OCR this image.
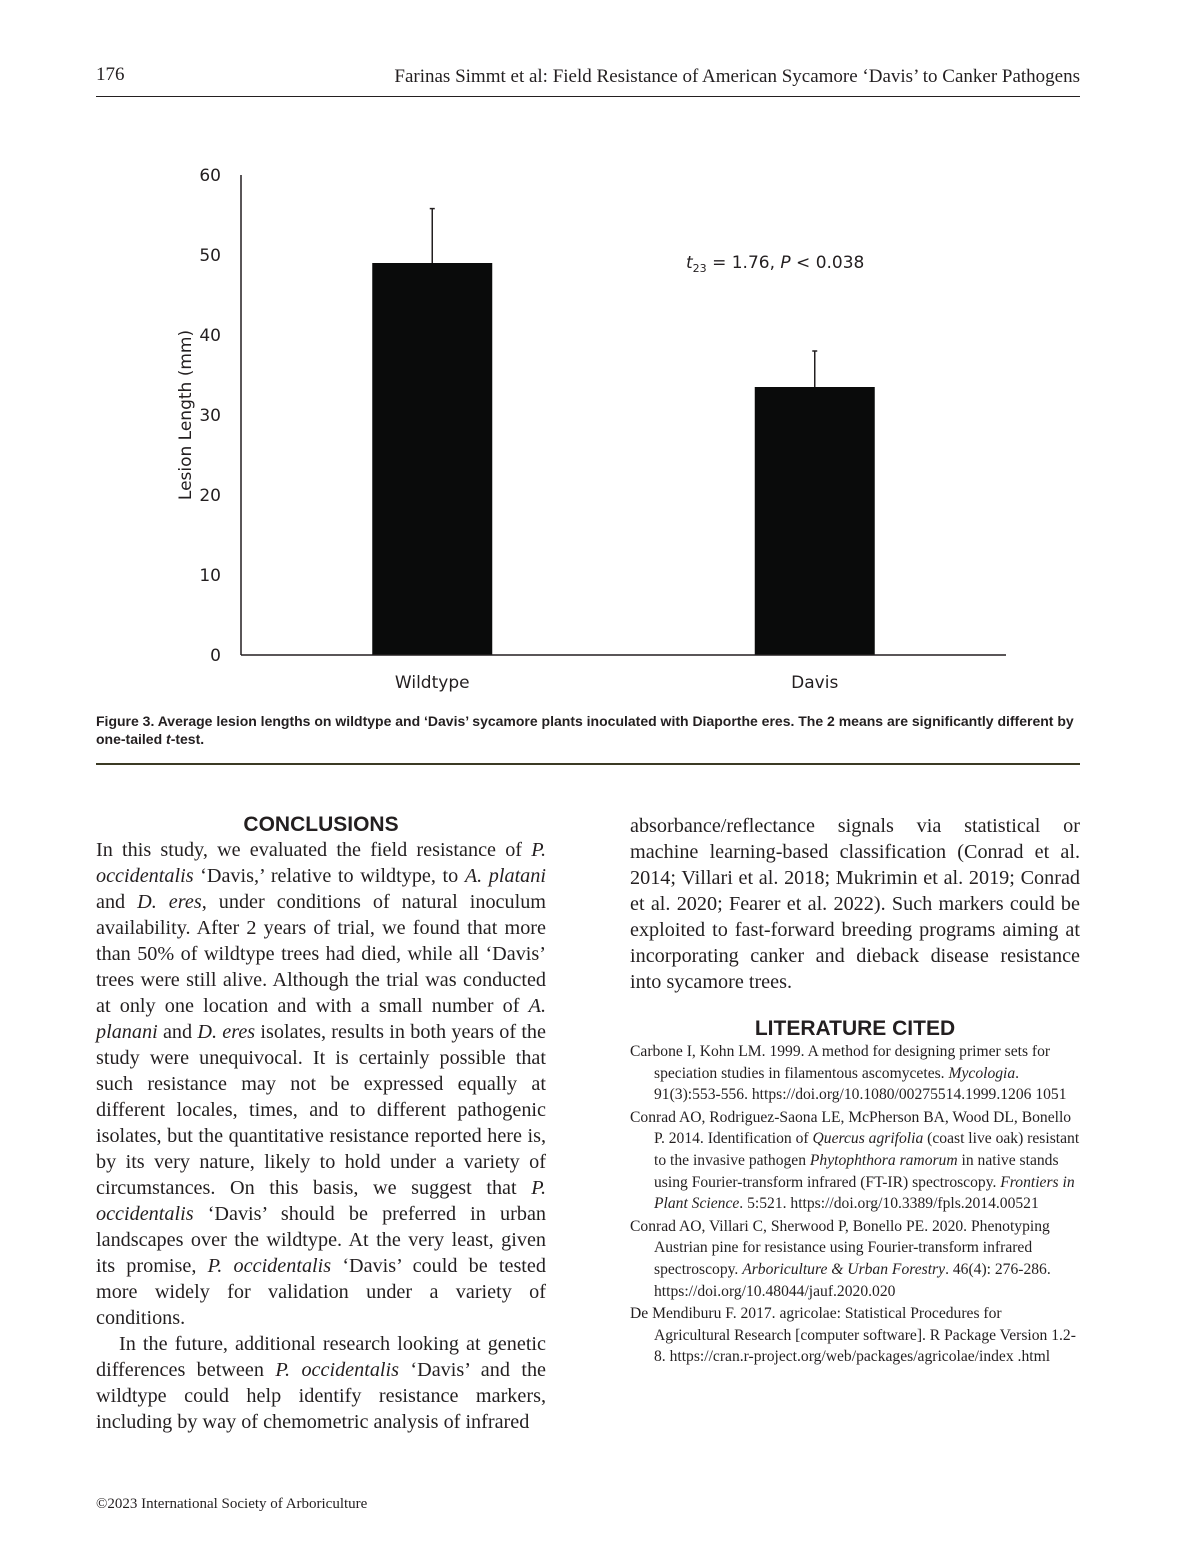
176	Farinas Simmt et al: Field Resistance of American Sycamore ‘Davis’ to Canker Pathogens
0
10
20
30
40
50
60
Wildtype	Davis
Lesion Length (mm)
$t_{23} = 1.76$, P < 0.038
Figure 3. Average lesion lengths on wildtype and ‘Davis’ sycamore plants inoculated with Diaporthe eres. The 2 means are significantly different by one-tailed t-test.
CONCLUSIONS

In this study, we evaluated the field resistance of P. occidentalis ‘Davis,’ relative to wildtype, to A. platani and D. eres, under conditions of natural inoculum availability. After 2 years of trial, we found that more than 50% of wildtype trees had died, while all ‘Davis’ trees were still alive. Although the trial was conducted at only one location and with a small number of A. planani and D. eres isolates, results in both years of the study were unequivocal. It is certainly possible that such resistance may not be expressed equally at different locales, times, and to different pathogenic isolates, but the quantitative resistance reported here is, by its very nature, likely to hold under a variety of circumstances. On this basis, we suggest that P. occidentalis ‘Davis’ should be preferred in urban landscapes over the wildtype. At the very least, given its promise, P. occidentalis ‘Davis’ could be tested more widely for validation under a variety of conditions.

In the future, additional research looking at genetic differences between P. occidentalis ‘Davis’ and the wildtype could help identify resistance markers, including by way of chemometric analysis of infrared

absorbance/reflectance signals via statistical or machine learning-based classification (Conrad et al. 2014; Villari et al. 2018; Mukrimin et al. 2019; Conrad et al. 2020; Fearer et al. 2022). Such markers could be exploited to fast-forward breeding programs aiming at incorporating canker and dieback disease resistance into sycamore trees.

LITERATURE CITED

Carbone I, Kohn LM. 1999. A method for designing primer sets for speciation studies in filamentous ascomycetes. Mycologia. 91(3):553-556. https://doi.org/10.1080/00275514.1999.1206 1051

Conrad AO, Rodriguez-Saona LE, McPherson BA, Wood DL, Bonello P. 2014. Identification of Quercus agrifolia (coast live oak) resistant to the invasive pathogen Phytophthora ramorum in native stands using Fourier-transform infrared (FT-IR) spectroscopy. Frontiers in Plant Science. 5:521. https://doi.org/10.3389/fpls.2014.00521

Conrad AO, Villari C, Sherwood P, Bonello PE. 2020. Phenotyping Austrian pine for resistance using Fourier-transform infrared spectroscopy. Arboriculture & Urban Forestry. 46(4): 276-286. https://doi.org/10.48044/jauf.2020.020

De Mendiburu F. 2017. agricolae: Statistical Procedures for Agricultural Research [computer software]. R Package Version 1.2-8. https://cran.r-project.org/web/packages/agricolae/index .html

©2023 International Society of Arboriculture
